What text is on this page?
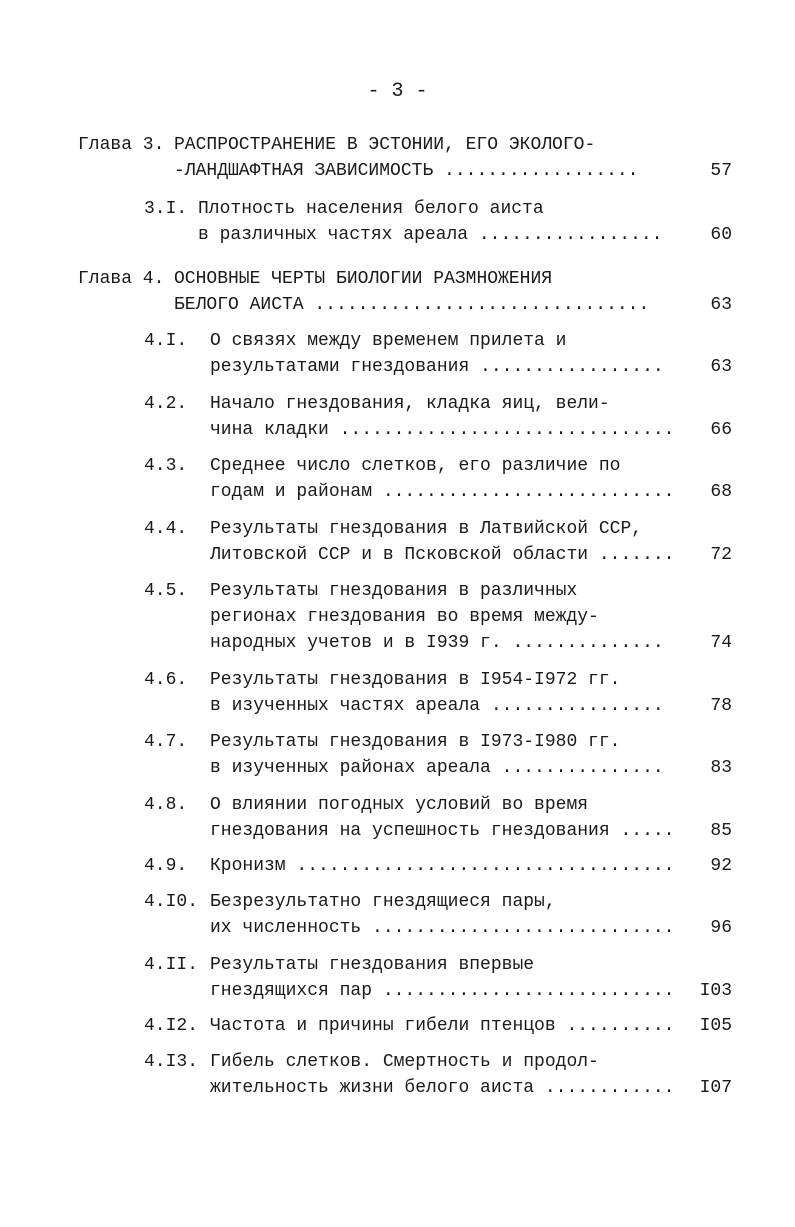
- 3 -
Глава 3. РАСПРОСТРАНЕНИЕ В ЭСТОНИИ, ЕГО ЭКОЛОГО-
-ЛАНДШАФТНАЯ ЗАВИСИМОСТЬ ..................	57
3.I. Плотность населения белого аиста
в различных частях ареала .................	60
Глава 4. ОСНОВНЫЕ ЧЕРТЫ БИОЛОГИИ РАЗМНОЖЕНИЯ
БЕЛОГО АИСТА ...............................	63
4.I. О связях между временем прилета и
результатами гнездования .................	63
4.2. Начало гнездования, кладка яиц, вели-
чина кладки ...............................	66
4.3. Среднее число слетков, его различие по
годам и районам ...........................	68
4.4. Результаты гнездования в Латвийской ССР,
Литовской ССР и в Псковской области .......	72
4.5. Результаты гнездования в различных
регионах гнездования во время между-
народных учетов и в I939 г. ..............	74
4.6. Результаты гнездования в I954-I972 гг.
в изученных частях ареала ................	78
4.7. Результаты гнездования в I973-I980 гг.
в изученных районах ареала ...............	83
4.8. О влиянии погодных условий во время
гнездования на успешность гнездования .....	85
4.9. Кронизм ...................................	92
4.I0. Безрезультатно гнездящиеся пары,
их численность ............................	96
4.II. Результаты гнездования впервые
гнездящихся пар ...........................	I03
4.I2. Частота и причины гибели птенцов ..........	I05
4.I3. Гибель слетков. Смертность и продол-
жительность жизни белого аиста ............	I07
